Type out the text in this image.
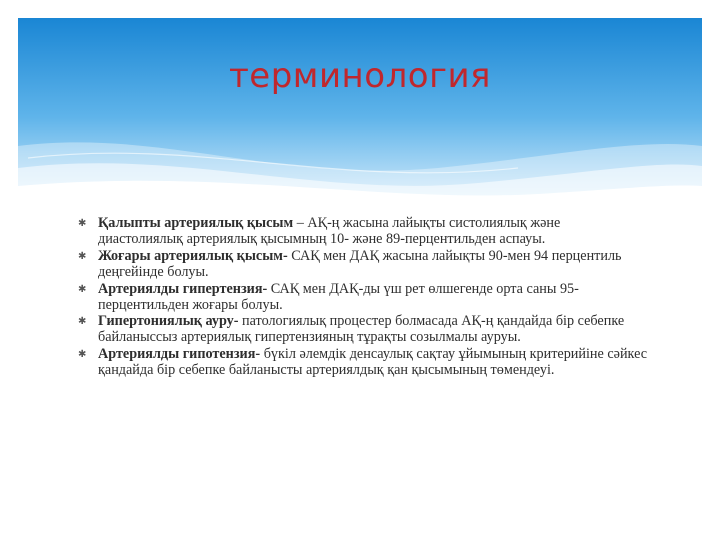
терминология
✱ Қалыпты артериялық қысым – АҚ-ң жасына лайықты систолиялық және диастолиялық артериялық қысымның 10- және 89-перцентильден аспауы.
✱ Жоғары артериялық қысым- САҚ мен ДАҚ жасына лайықты 90-мен 94 перцентиль деңгейінде болуы.
✱ Артериялды гипертензия- САҚ мен ДАҚ-ды үш рет өлшегенде орта саны 95- перцентильден жоғары болуы.
✱ Гипертониялық ауру- патологиялық процестер болмасада АҚ-ң қандайда бір себепке байланыссыз артериялық гипертензияның тұрақты созылмалы ауруы.
✱ Артериялды гипотензия- бүкіл әлемдік денсаулық сақтау ұйымының критерийіне сәйкес қандайда бір себепке байланысты артериялдық қан қысымының төмендеуі.
